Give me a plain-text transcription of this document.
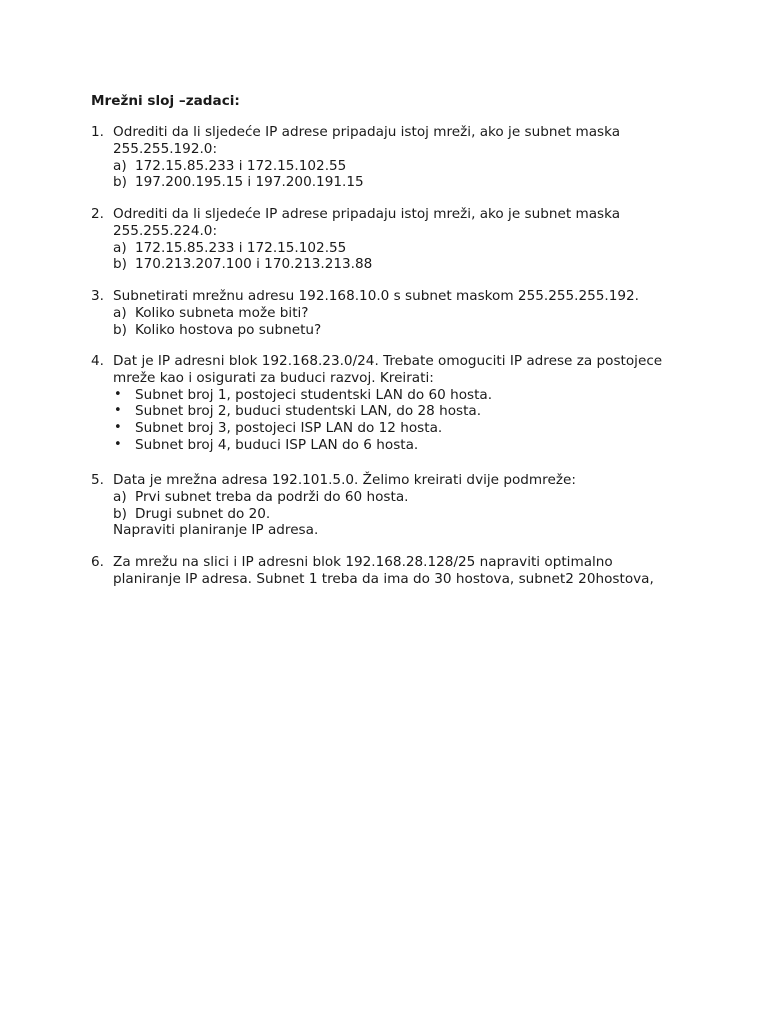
Mrežni sloj –zadaci:
1. Odrediti da li sljedeće IP adrese pripadaju istoj mreži, ako je subnet maska
255.255.192.0:
a) 172.15.85.233 i 172.15.102.55
b) 197.200.195.15 i 197.200.191.15
2. Odrediti da li sljedeće IP adrese pripadaju istoj mreži, ako je subnet maska
255.255.224.0:
a) 172.15.85.233 i 172.15.102.55
b) 170.213.207.100 i 170.213.213.88
3. Subnetirati mrežnu adresu 192.168.10.0 s subnet maskom 255.255.255.192.
a) Koliko subneta može biti?
b) Koliko hostova po subnetu?
4. Dat je IP adresni blok 192.168.23.0/24. Trebate omoguciti IP adrese za postojece
mreže kao i osigurati za buduci razvoj. Kreirati:
• Subnet broj 1, postojeci studentski LAN do 60 hosta.
• Subnet broj 2, buduci studentski LAN, do 28 hosta.
• Subnet broj 3, postojeci ISP LAN do 12 hosta.
• Subnet broj 4, buduci ISP LAN do 6 hosta.
5. Data je mrežna adresa 192.101.5.0. Želimo kreirati dvije podmreže:
a) Prvi subnet treba da podrži do 60 hosta.
b) Drugi subnet do 20.
Napraviti planiranje IP adresa.
6. Za mrežu na slici i IP adresni blok 192.168.28.128/25 napraviti optimalno
planiranje IP adresa. Subnet 1 treba da ima do 30 hostova, subnet2 20hostova,
